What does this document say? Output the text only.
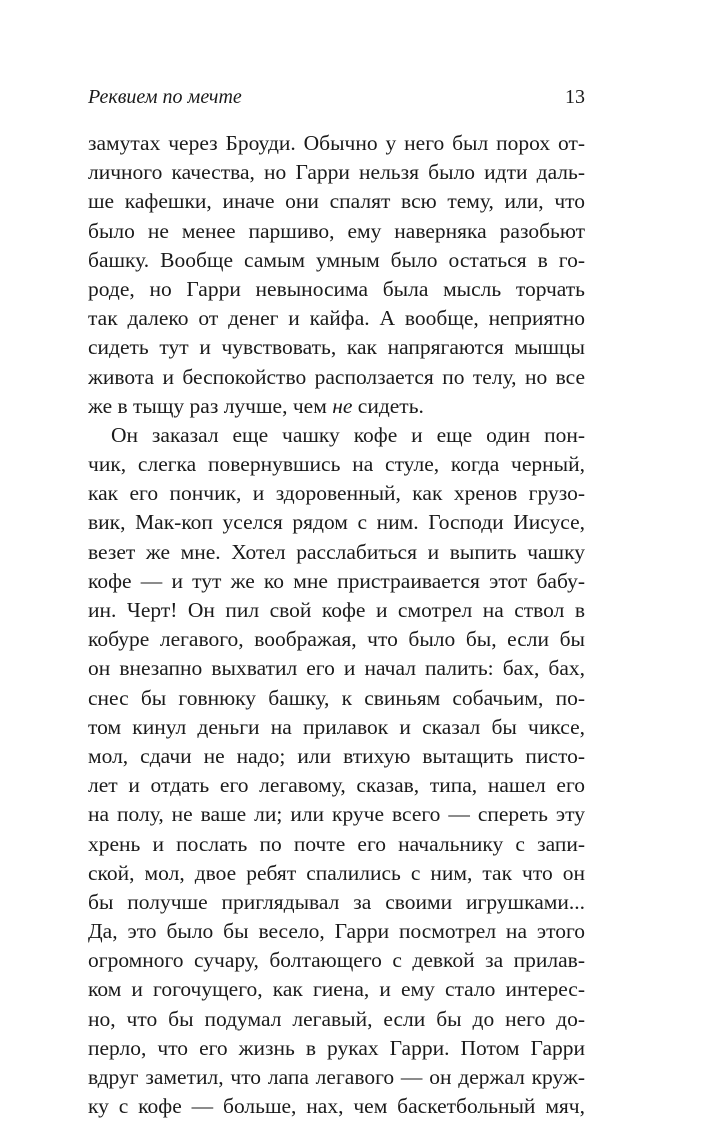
Реквием по мечте	13
замутах через Броуди. Обычно у него был порох от-
личного качества, но Гарри нельзя было идти даль-
ше кафешки, иначе они спалят всю тему, или, что
было не менее паршиво, ему наверняка разобьют
башку. Вообще самым умным было остаться в го-
роде, но Гарри невыносима была мысль торчать
так далеко от денег и кайфа. А вообще, неприятно
сидеть тут и чувствовать, как напрягаются мышцы
живота и беспокойство расползается по телу, но все
же в тыщу раз лучше, чем не сидеть.
Он заказал еще чашку кофе и еще один пон-
чик, слегка повернувшись на стуле, когда черный,
как его пончик, и здоровенный, как хренов грузо-
вик, Мак-коп уселся рядом с ним. Господи Иисусе,
везет же мне. Хотел расслабиться и выпить чашку
кофе — и тут же ко мне пристраивается этот бабу-
ин. Черт! Он пил свой кофе и смотрел на ствол в
кобуре легавого, воображая, что было бы, если бы
он внезапно выхватил его и начал палить: бах, бах,
снес бы говнюку башку, к свиньям собачьим, по-
том кинул деньги на прилавок и сказал бы чиксе,
мол, сдачи не надо; или втихую вытащить писто-
лет и отдать его легавому, сказав, типа, нашел его
на полу, не ваше ли; или круче всего — спереть эту
хрень и послать по почте его начальнику с запи-
ской, мол, двое ребят спалились с ним, так что он
бы получше приглядывал за своими игрушками...
Да, это было бы весело, Гарри посмотрел на этого
огромного сучару, болтающего с девкой за прилав-
ком и гогочущего, как гиена, и ему стало интерес-
но, что бы подумал легавый, если бы до него до-
перло, что его жизнь в руках Гарри. Потом Гарри
вдруг заметил, что лапа легавого — он держал круж-
ку с кофе — больше, нах, чем баскетбольный мяч,
